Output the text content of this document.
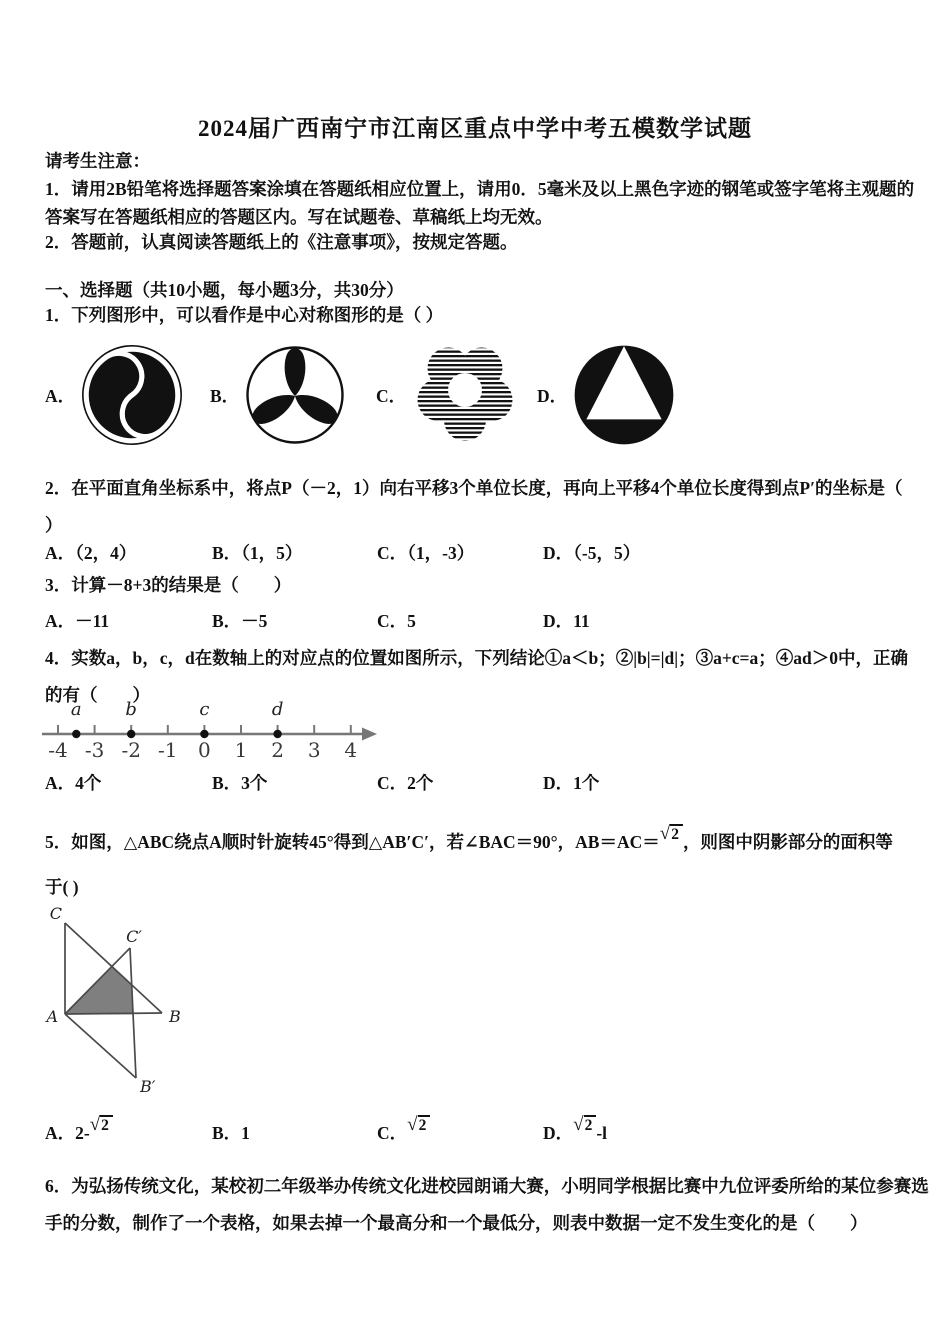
2024届广西南宁市江南区重点中学中考五模数学试题
请考生注意：
1．请用2B铅笔将选择题答案涂填在答题纸相应位置上，请用0．5毫米及以上黑色字迹的钢笔或签字笔将主观题的
答案写在答题纸相应的答题区内。写在试题卷、草稿纸上均无效。
2．答题前，认真阅读答题纸上的《注意事项》，按规定答题。
一、选择题（共10小题，每小题3分，共30分）
1．下列图形中，可以看作是中心对称图形的是（ ）
A．	B．	C．	D．
2．在平面直角坐标系中，将点P（－2，1）向右平移3个单位长度，再向上平移4个单位长度得到点P′的坐标是（
）
A．（2，4）	B．（1，5）	C．（1，-3）	D．（-5，5）
3．计算－8+3的结果是（　　）
A．－11	B．－5	C．5	D．11
4．实数a，b，c，d在数轴上的对应点的位置如图所示，下列结论①a＜b；②|b|=|d|；③a+c=a；④ad＞0中，正确
的有（　　）
-4 -3 -2 -1 0 1 2 3 4
a b	c	d
A．4个	B．3个	C．2个	D．1个
5．如图，△ABC绕点A顺时针旋转45°得到△AB′C′，若∠BAC＝90°，AB＝AC＝√2 ，则图中阴影部分的面积等
于( )
C
C′
A	B
B′
A．2-√2	B．1	C．√2	D．√2 -l
6．为弘扬传统文化，某校初二年级举办传统文化进校园朗诵大赛，小明同学根据比赛中九位评委所给的某位参赛选
手的分数，制作了一个表格，如果去掉一个最高分和一个最低分，则表中数据一定不发生变化的是（　　）
